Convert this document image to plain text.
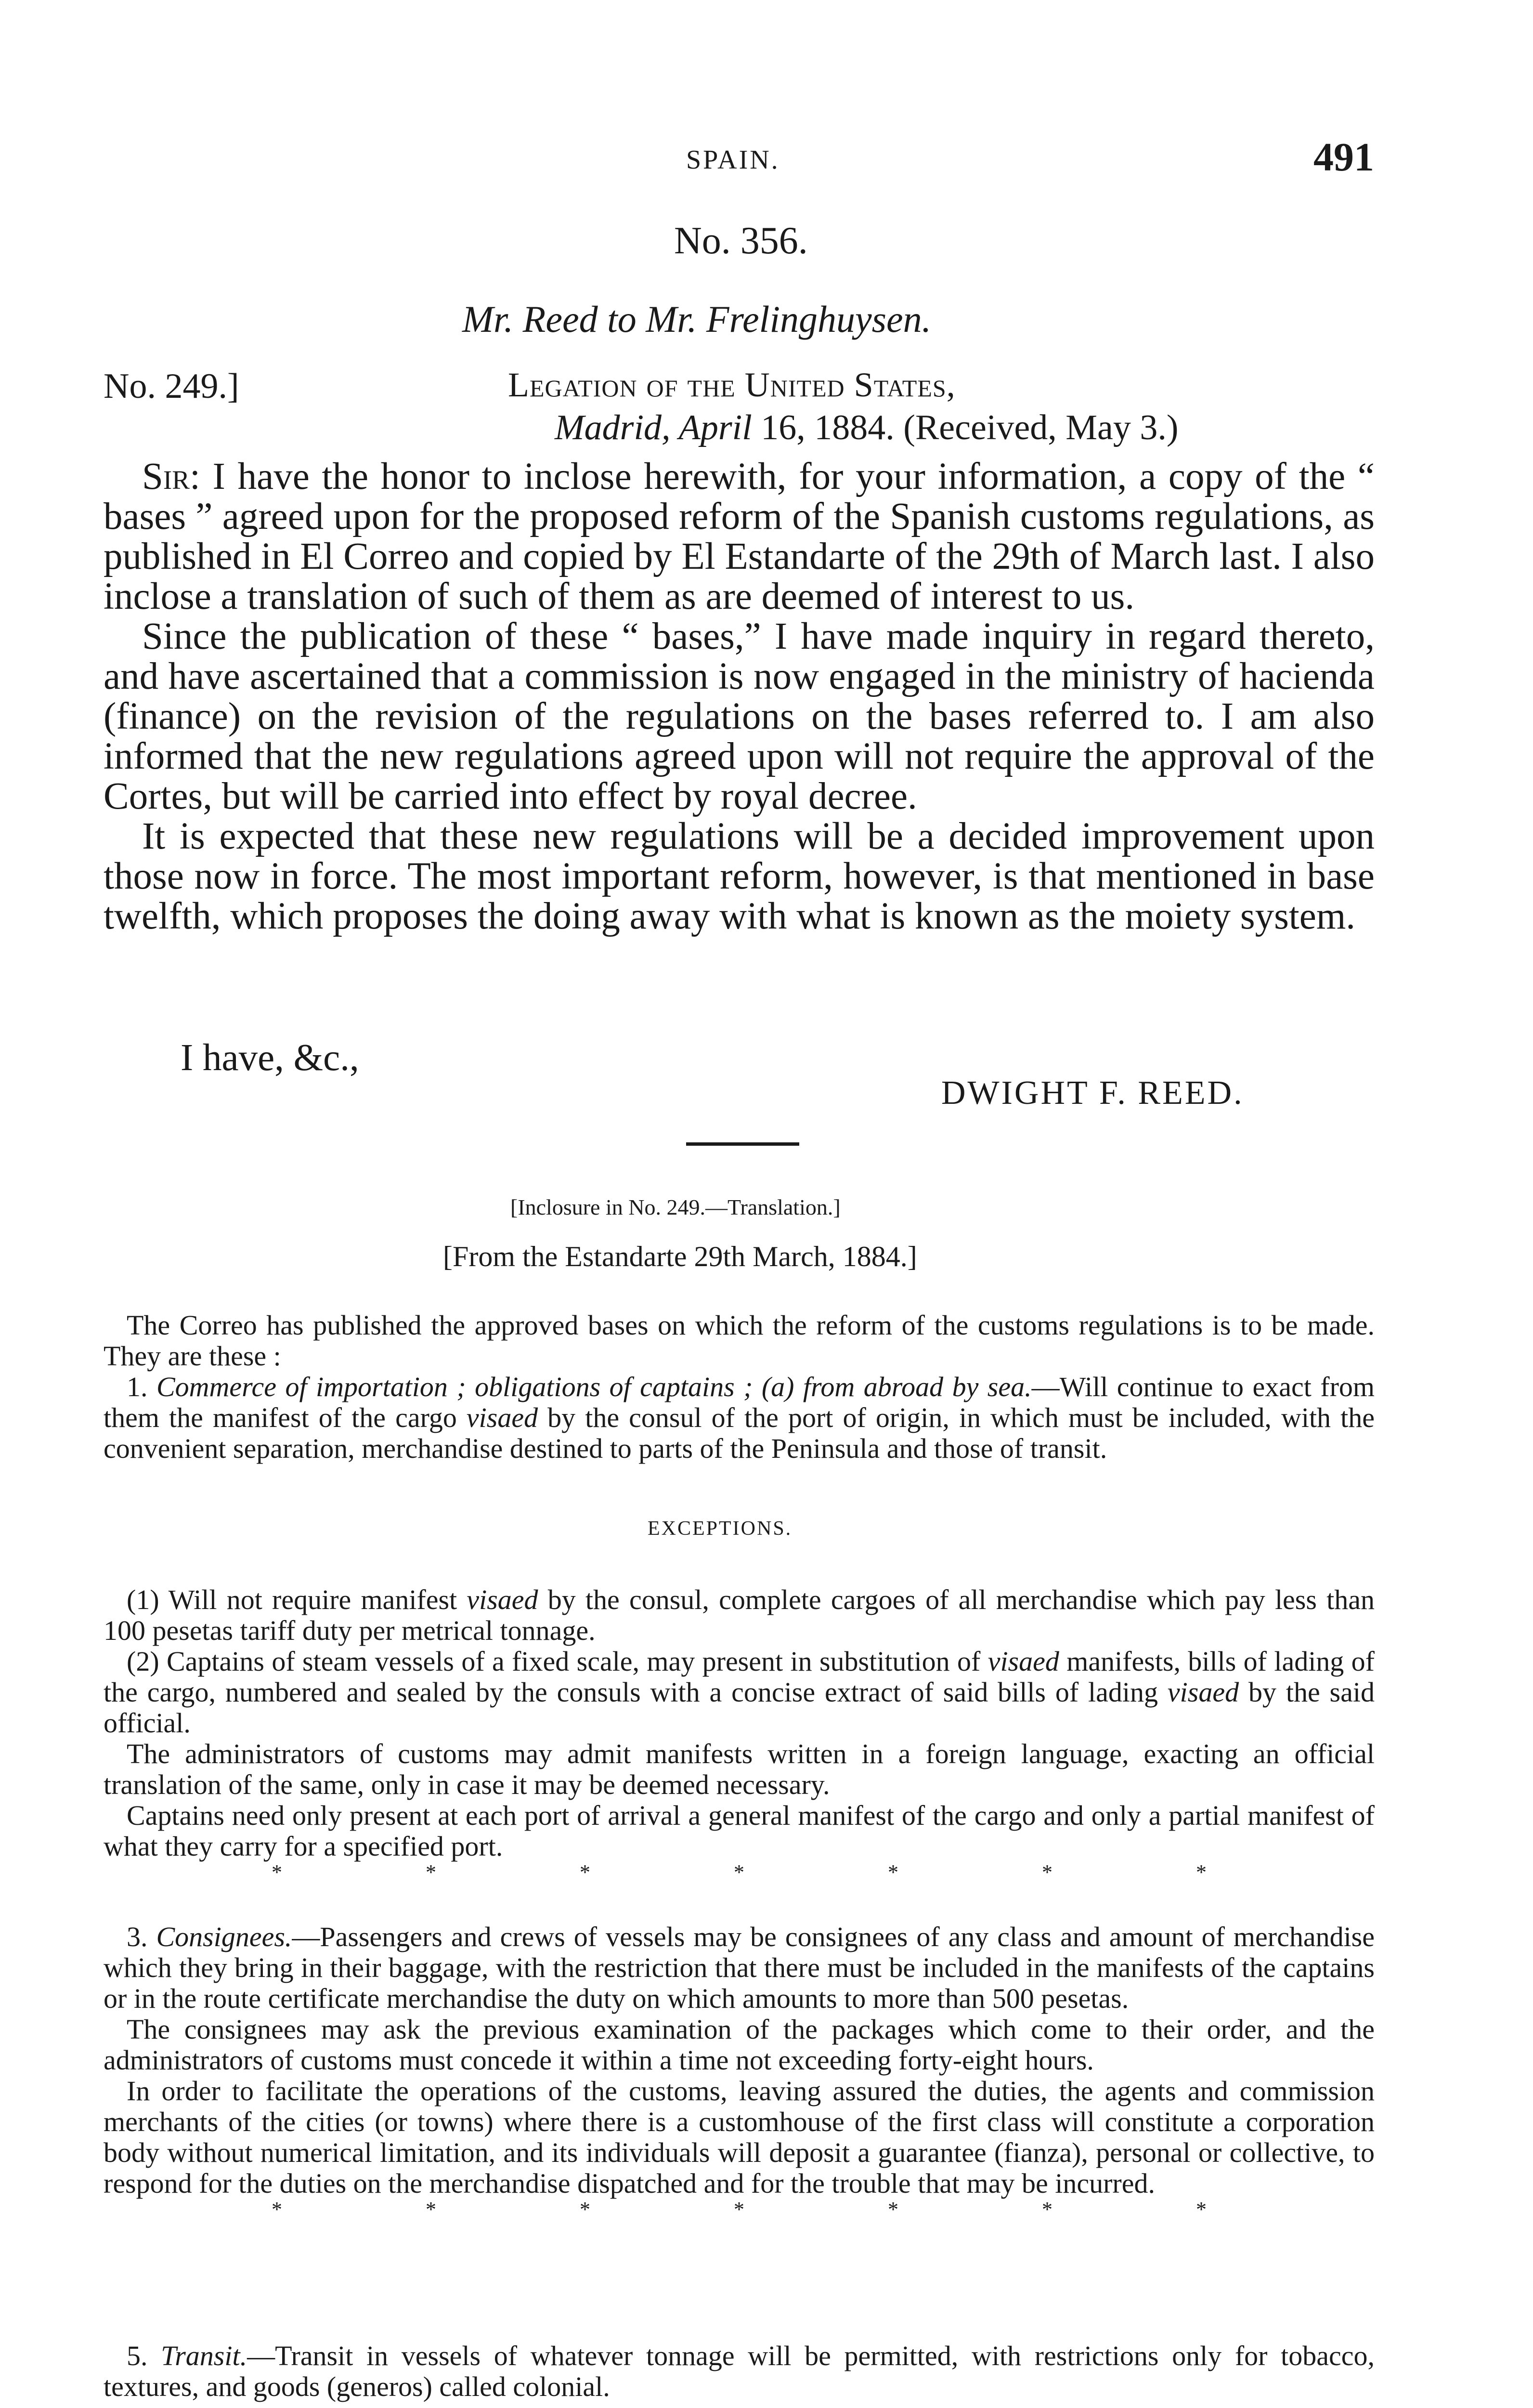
SPAIN.	491
No. 356.
Mr. Reed to Mr. Frelinghuysen.
No. 249.]	Legation of the United States,
Madrid, April 16, 1884. (Received, May 3.)

Sir: I have the honor to inclose herewith, for your information, a copy of the “ bases ” agreed upon for the proposed reform of the Spanish customs regulations, as published in El Correo and copied by El Estandarte of the 29th of March last. I also inclose a translation of such of them as are deemed of interest to us.

Since the publication of these “ bases,” I have made inquiry in regard thereto, and have ascertained that a commission is now engaged in the ministry of hacienda (finance) on the revision of the regulations on the bases referred to. I am also informed that the new regulations agreed upon will not require the approval of the Cortes, but will be carried into effect by royal decree.

It is expected that these new regulations will be a decided improvement upon those now in force. The most important reform, however, is that mentioned in base twelfth, which proposes the doing away with what is known as the moiety system.

I have, &c.,
DWIGHT F. REED.
[Inclosure in No. 249.—Translation.]
[From the Estandarte 29th March, 1884.]

The Correo has published the approved bases on which the reform of the customs regulations is to be made. They are these :

1. Commerce of importation ; obligations of captains ; (a) from abroad by sea.—Will continue to exact from them the manifest of the cargo visaed by the consul of the port of origin, in which must be included, with the convenient separation, merchandise destined to parts of the Peninsula and those of transit.

EXCEPTIONS.

(1) Will not require manifest visaed by the consul, complete cargoes of all merchandise which pay less than 100 pesetas tariff duty per metrical tonnage.

(2) Captains of steam vessels of a fixed scale, may present in substitution of visaed manifests, bills of lading of the cargo, numbered and sealed by the consuls with a concise extract of said bills of lading visaed by the said official.

The administrators of customs may admit manifests written in a foreign language, exacting an official translation of the same, only in case it may be deemed necessary.

Captains need only present at each port of arrival a general manifest of the cargo and only a partial manifest of what they carry for a specified port.

*	*	*	*	*	*	*

3. Consignees.—Passengers and crews of vessels may be consignees of any class and amount of merchandise which they bring in their baggage, with the restriction that there must be included in the manifests of the captains or in the route certificate merchandise the duty on which amounts to more than 500 pesetas.

The consignees may ask the previous examination of the packages which come to their order, and the administrators of customs must concede it within a time not exceeding forty-eight hours.

In order to facilitate the operations of the customs, leaving assured the duties, the agents and commission merchants of the cities (or towns) where there is a customhouse of the first class will constitute a corporation body without numerical limitation, and its individuals will deposit a guarantee (fianza), personal or collective, to respond for the duties on the merchandise dispatched and for the trouble that may be incurred.

*	*	*	*	*	*	*

5. Transit.—Transit in vessels of whatever tonnage will be permitted, with restrictions only for tobacco, textures, and goods (generos) called colonial.
